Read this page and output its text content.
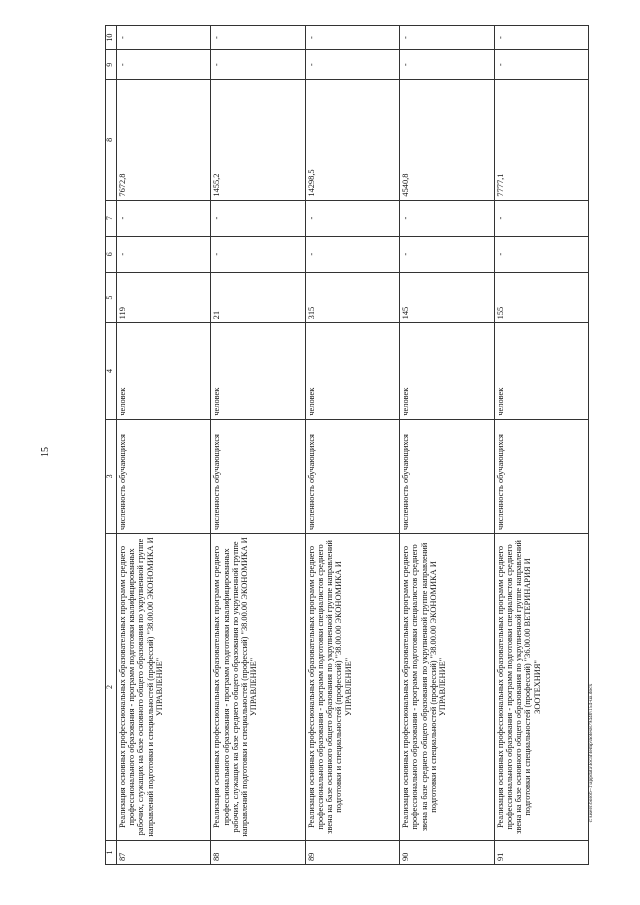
15
1	2	3	4	5	6	7	8	9	10
87	Реализация основных профессиональных образовательных программ среднего профессионального образования - программ подготовки квалифицированных рабочих, служащих на базе основного общего образования по укрупненной группе направлений подготовки и специальностей (профессий) "38.00.00 ЭКОНОМИКА И УПРАВЛЕНИЕ"	численность обучающихся	человек	119	-	-	7672,8	-	-
88	Реализация основных профессиональных образовательных программ среднего профессионального образования - программ подготовки квалифицированных рабочих, служащих на базе среднего общего образования по укрупненной группе направлений подготовки и специальностей (профессий) "38.00.00 ЭКОНОМИКА И УПРАВЛЕНИЕ"	численность обучающихся	человек	21	-	-	1455,2	-	-
89	Реализация основных профессиональных образовательных программ среднего профессионального образования - программ подготовки специалистов среднего звена на базе основного общего образования по укрупненной группе направлений подготовки и специальностей (профессий) "38.00.00 ЭКОНОМИКА И УПРАВЛЕНИЕ"	численность обучающихся	человек	315	-	-	14298,5	-	-
90	Реализация основных профессиональных образовательных программ среднего профессионального образования - программ подготовки специалистов среднего звена на базе среднего общего образования по укрупненной группе направлений подготовки и специальностей (профессий) "38.00.00 ЭКОНОМИКА И УПРАВЛЕНИЕ"	численность обучающихся	человек	145	-	-	4540,8	-	-
91	Реализация основных профессиональных образовательных программ среднего профессионального образования - программ подготовки специалистов среднего звена на базе основного общего образования по укрупненной группе направлений подготовки и специальностей (профессий) "36.00.00 ВЕТЕРИНАРИЯ И ЗООТЕХНИЯ"	численность обучающихся	человек	155	-	-	7777,1	-	-
c:\users\borob~1\appdata\local\temp\notes879440\154-ua.docx
